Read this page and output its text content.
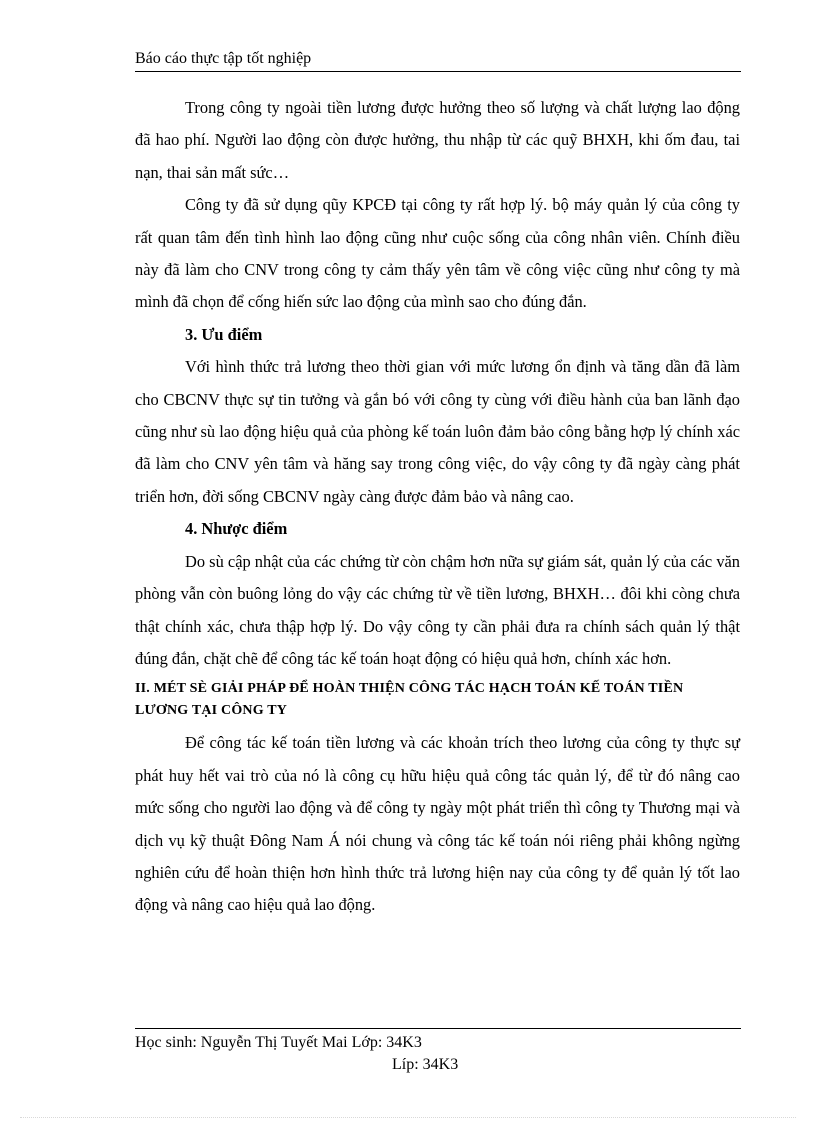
Báo cáo thực tập tốt nghiệp

Trong công ty ngoài tiền lương được hưởng theo số lượng và chất lượng lao động đã hao phí. Người lao động còn được hưởng, thu nhập từ các quỹ BHXH, khi ốm đau, tai nạn, thai sản mất sức…

Công ty đã sử dụng qũy KPCĐ tại công ty rất hợp lý. bộ máy quản lý của công ty rất quan tâm đến tình hình lao động cũng như cuộc sống của công nhân viên. Chính điều này đã làm cho CNV trong công ty cảm thấy yên tâm về công việc cũng như công ty mà mình đã chọn để cống hiến sức lao động của mình sao cho đúng đắn.

3. Ưu điểm

Với hình thức trả lương theo thời gian với mức lương ổn định và tăng dần đã làm cho CBCNV thực sự tin tưởng và gắn bó với công ty cùng với điều hành của ban lãnh đạo cũng như sù lao động hiệu quả của phòng kế toán luôn đảm bảo công bằng hợp lý chính xác đã làm cho CNV yên tâm và hăng say trong công việc, do vậy công ty đã ngày càng phát triển hơn, đời sống CBCNV ngày càng được đảm bảo và nâng cao.

4. Nhược điểm

Do sù cập nhật của các chứng từ còn chậm hơn nữa sự giám sát, quản lý của các văn phòng vẫn còn buông lỏng do vậy các chứng từ về tiền lương, BHXH… đôi khi còng chưa thật chính xác, chưa thập hợp lý. Do vậy công ty cần phải đưa ra chính sách quản lý thật đúng đắn, chặt chẽ để công tác kế toán hoạt động có hiệu quả hơn, chính xác hơn.

II. MÉT SÈ GIẢI PHÁP ĐỂ HOÀN THIỆN CÔNG TÁC HẠCH TOÁN KẾ TOÁN TIỀN LƯƠNG TẠI CÔNG TY

Để công tác kế toán tiền lương và các khoản trích theo lương của công ty thực sự phát huy hết vai trò của nó là công cụ hữu hiệu quả công tác quản lý, để từ đó nâng cao mức sống cho người lao động và để công ty ngày một phát triển thì công ty Thương mại và dịch vụ kỹ thuật Đông Nam Á nói chung và công tác kế toán nói riêng phải không ngừng nghiên cứu để hoàn thiện hơn hình thức trả lương hiện nay của công ty để quản lý tốt lao động và nâng cao hiệu quả lao động.

Học sinh: Nguyễn Thị Tuyết Mai Lớp: 34K3
Líp: 34K3
